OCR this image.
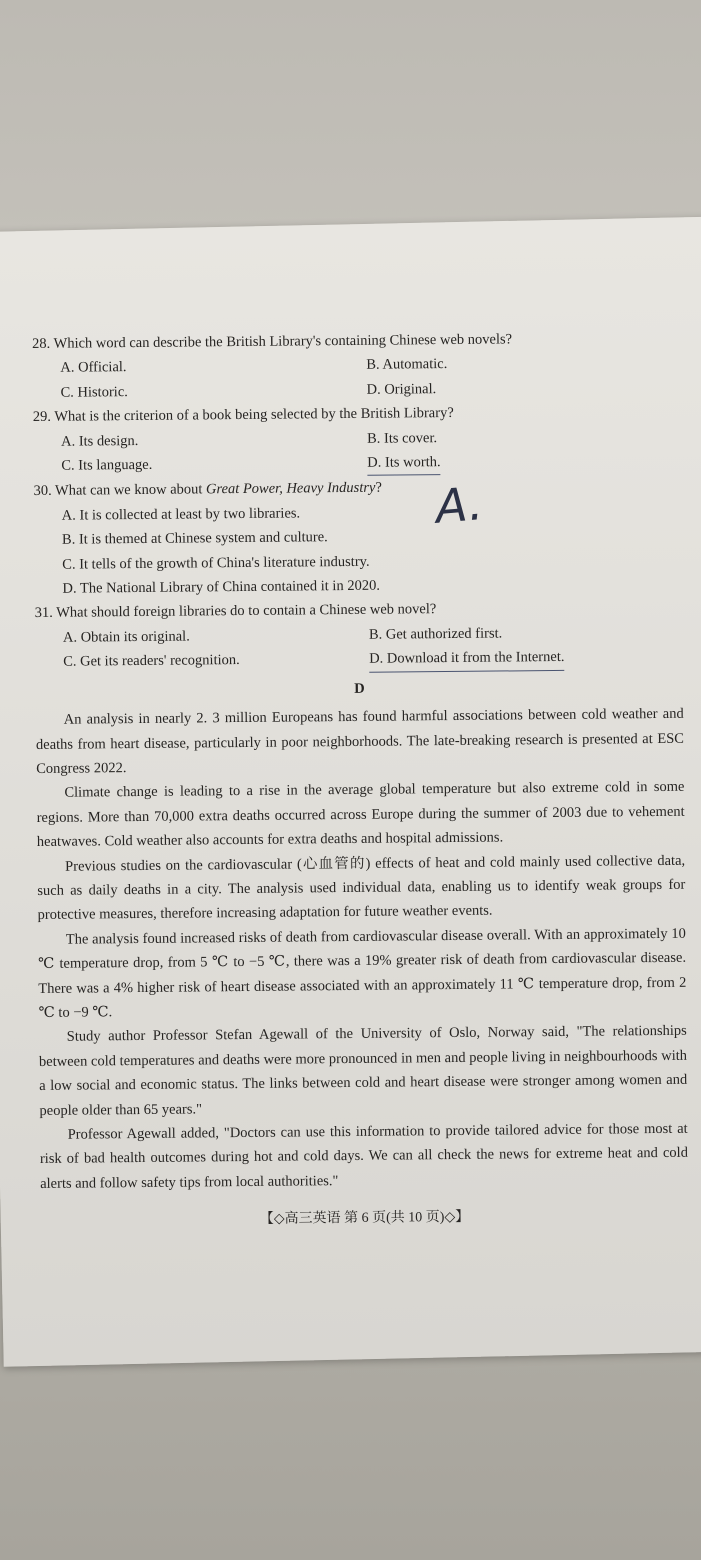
28. Which word can describe the British Library's containing Chinese web novels?
A. Official.	B. Automatic.
C. Historic.	D. Original.
29. What is the criterion of a book being selected by the British Library?
A. Its design.	B. Its cover.
C. Its language.	D. Its worth.
30. What can we know about Great Power, Heavy Industry?
A. It is collected at least by two libraries.
B. It is themed at Chinese system and culture.
C. It tells of the growth of China's literature industry.
D. The National Library of China contained it in 2020.
A.
31. What should foreign libraries do to contain a Chinese web novel?
A. Obtain its original.	B. Get authorized first.
C. Get its readers' recognition.	D. Download it from the Internet.
D

An analysis in nearly 2. 3 million Europeans has found harmful associations between cold weather and deaths from heart disease, particularly in poor neighborhoods. The late-breaking research is presented at ESC Congress 2022.

Climate change is leading to a rise in the average global temperature but also extreme cold in some regions. More than 70,000 extra deaths occurred across Europe during the summer of 2003 due to vehement heatwaves. Cold weather also accounts for extra deaths and hospital admissions.

Previous studies on the cardiovascular (心血管的) effects of heat and cold mainly used collective data, such as daily deaths in a city. The analysis used individual data, enabling us to identify weak groups for protective measures, therefore increasing adaptation for future weather events.

The analysis found increased risks of death from cardiovascular disease overall. With an approximately 10 ℃ temperature drop, from 5 ℃ to −5 ℃, there was a 19% greater risk of death from cardiovascular disease. There was a 4% higher risk of heart disease associated with an approximately 11 ℃ temperature drop, from 2 ℃ to −9 ℃.

Study author Professor Stefan Agewall of the University of Oslo, Norway said, "The relationships between cold temperatures and deaths were more pronounced in men and people living in neighbourhoods with a low social and economic status. The links between cold and heart disease were stronger among women and people older than 65 years."

Professor Agewall added, "Doctors can use this information to provide tailored advice for those most at risk of bad health outcomes during hot and cold days. We can all check the news for extreme heat and cold alerts and follow safety tips from local authorities."

【◇高三英语 第 6 页(共 10 页)◇】
